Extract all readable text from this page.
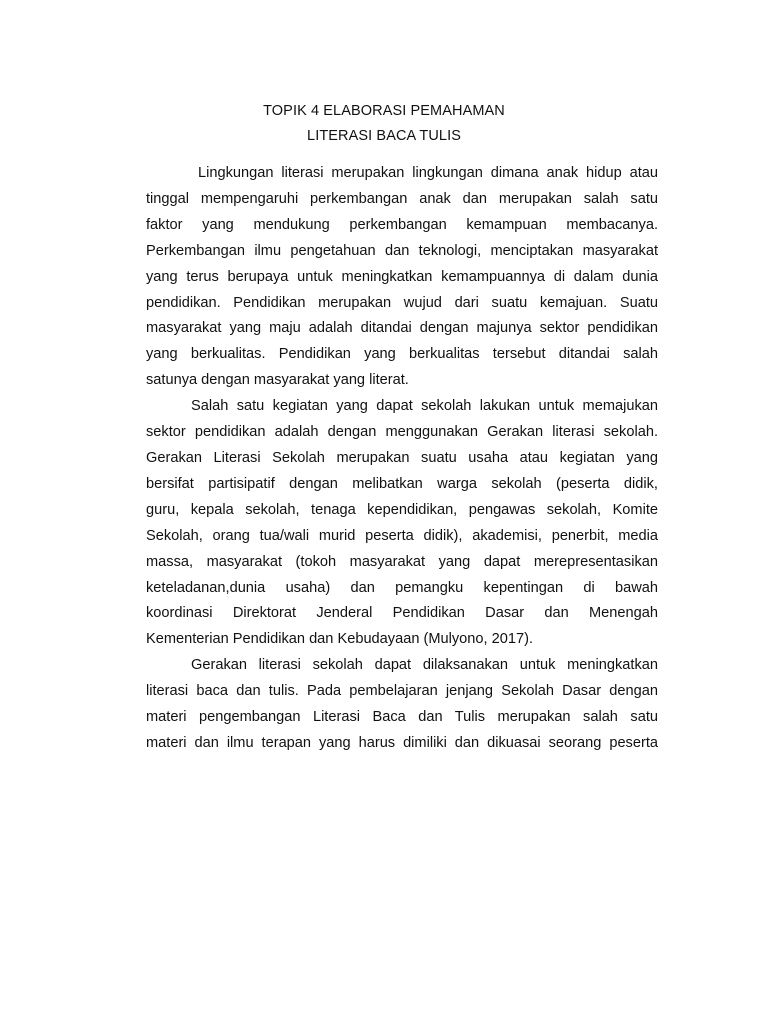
TOPIK 4 ELABORASI PEMAHAMAN
LITERASI BACA TULIS

Lingkungan literasi merupakan lingkungan dimana anak hidup atau
tinggal mempengaruhi perkembangan anak dan merupakan salah satu
faktor yang mendukung perkembangan kemampuan membacanya.
Perkembangan ilmu pengetahuan dan teknologi, menciptakan masyarakat
yang terus berupaya untuk meningkatkan kemampuannya di dalam dunia
pendidikan. Pendidikan merupakan wujud dari suatu kemajuan. Suatu
masyarakat yang maju adalah ditandai dengan majunya sektor pendidikan
yang berkualitas. Pendidikan yang berkualitas tersebut ditandai salah
satunya dengan masyarakat yang literat.

Salah satu kegiatan yang dapat sekolah lakukan untuk memajukan
sektor pendidikan adalah dengan menggunakan Gerakan literasi sekolah.
Gerakan Literasi Sekolah merupakan suatu usaha atau kegiatan yang
bersifat partisipatif dengan melibatkan warga sekolah (peserta didik,
guru, kepala sekolah, tenaga kependidikan, pengawas sekolah, Komite
Sekolah, orang tua/wali murid peserta didik), akademisi, penerbit, media
massa, masyarakat (tokoh masyarakat yang dapat merepresentasikan
keteladanan,dunia usaha) dan pemangku kepentingan di bawah
koordinasi Direktorat Jenderal Pendidikan Dasar dan Menengah
Kementerian Pendidikan dan Kebudayaan (Mulyono, 2017).

Gerakan literasi sekolah dapat dilaksanakan untuk meningkatkan
literasi baca dan tulis. Pada pembelajaran jenjang Sekolah Dasar dengan
materi pengembangan Literasi Baca dan Tulis merupakan salah satu
materi dan ilmu terapan yang harus dimiliki dan dikuasai seorang peserta
